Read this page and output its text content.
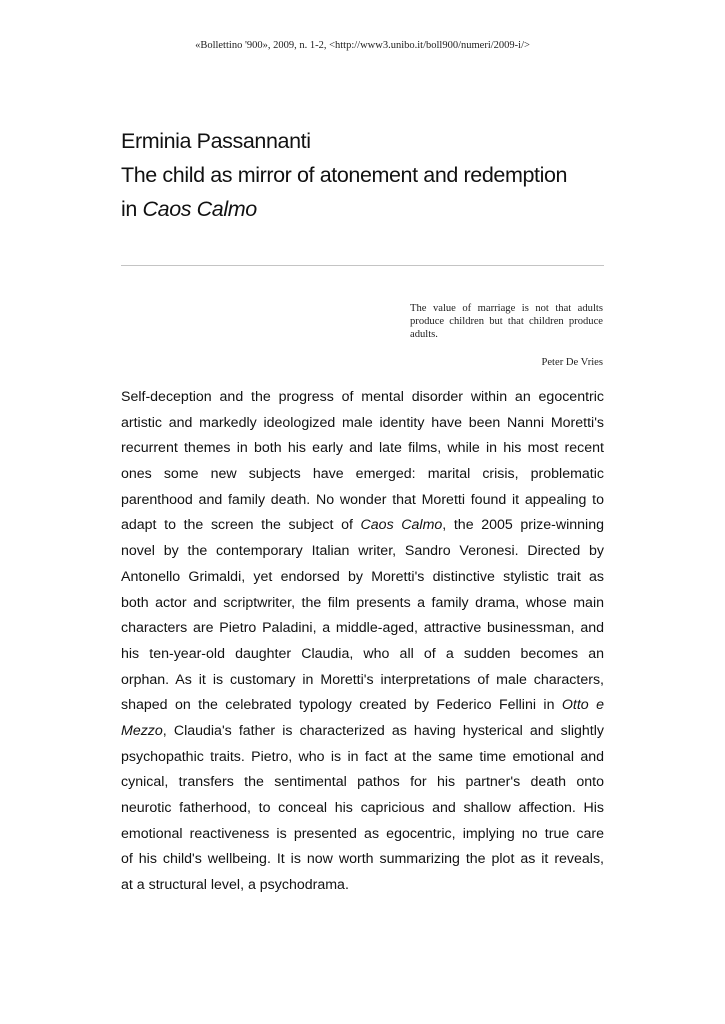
«Bollettino '900», 2009, n. 1-2, <http://www3.unibo.it/boll900/numeri/2009-i/>
Erminia Passannanti
The child as mirror of atonement and redemption
in Caos Calmo
The value of marriage is not that adults produce children but that children produce adults.
Peter De Vries
Self-deception and the progress of mental disorder within an egocentric
artistic and markedly ideologized male identity have been Nanni Moretti's
recurrent themes in both his early and late films, while in his most recent
ones some new subjects have emerged: marital crisis, problematic
parenthood and family death. No wonder that Moretti found it appealing to
adapt to the screen the subject of Caos Calmo, the 2005 prize-winning
novel by the contemporary Italian writer, Sandro Veronesi. Directed by
Antonello Grimaldi, yet endorsed by Moretti's distinctive stylistic trait as
both actor and scriptwriter, the film presents a family drama, whose main
characters are Pietro Paladini, a middle-aged, attractive businessman, and
his ten-year-old daughter Claudia, who all of a sudden becomes an
orphan. As it is customary in Moretti's interpretations of male characters,
shaped on the celebrated typology created by Federico Fellini in Otto e
Mezzo, Claudia's father is characterized as having hysterical and slightly
psychopathic traits. Pietro, who is in fact at the same time emotional and
cynical, transfers the sentimental pathos for his partner's death onto
neurotic fatherhood, to conceal his capricious and shallow affection. His
emotional reactiveness is presented as egocentric, implying no true care
of his child's wellbeing. It is now worth summarizing the plot as it reveals,
at a structural level, a psychodrama.
